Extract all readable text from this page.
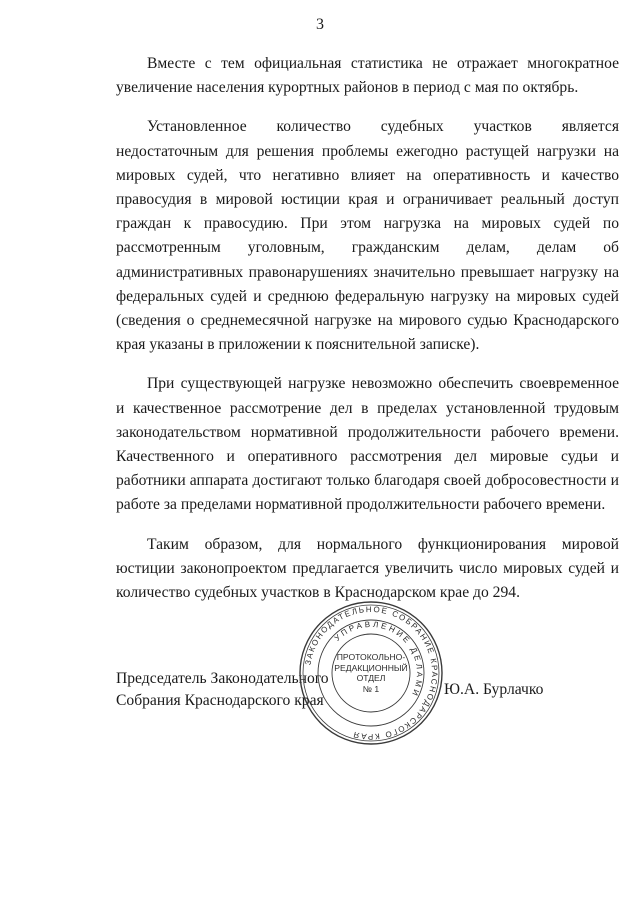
3

Вместе с тем официальная статистика не отражает многократное увеличение населения курортных районов в период с мая по октябрь.

Установленное количество судебных участков является недостаточным для решения проблемы ежегодно растущей нагрузки на мировых судей, что негативно влияет на оперативность и качество правосудия в мировой юстиции края и ограничивает реальный доступ граждан к правосудию. При этом нагрузка на мировых судей по рассмотренным уголовным, гражданским делам, делам об административных правонарушениях значительно превышает нагрузку на федеральных судей и среднюю федеральную нагрузку на мировых судей (сведения о среднемесячной нагрузке на мирового судью Краснодарского края указаны в приложении к пояснительной записке).

При существующей нагрузке невозможно обеспечить своевременное и качественное рассмотрение дел в пределах установленной трудовым законодательством нормативной продолжительности рабочего времени. Качественного и оперативного рассмотрения дел мировые судьи и работники аппарата достигают только благодаря своей добросовестности и работе за пределами нормативной продолжительности рабочего времени.

Таким образом, для нормального функционирования мировой юстиции законопроектом предлагается увеличить число мировых судей и количество судебных участков в Краснодарском крае до 294.

Председатель Законодательного
Собрания Краснодарского края
Ю.А. Бурлачко
ЗАКОНОДАТЕЛЬНОЕ СОБРАНИЕ КРАСНОДАРСКОГО КРАЯ
УПРАВЛЕНИЕ ДЕЛАМИ
ПРОТОКОЛЬНО-
РЕДАКЦИОННЫЙ
ОТДЕЛ
№ 1
